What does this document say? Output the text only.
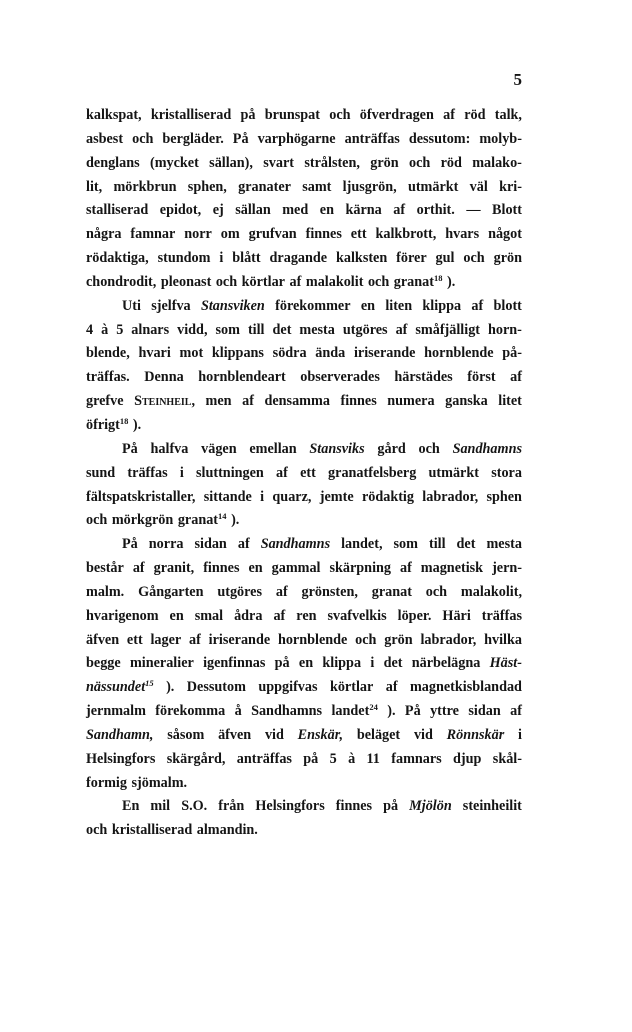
5
kalkspat, kristalliserad på brunspat och öfverdragen af röd talk,
asbest och bergläder. På varphögarne anträffas dessutom: molyb-
denglans (mycket sällan), svart strålsten, grön och röd malako-
lit, mörkbrun sphen, granater samt ljusgrön, utmärkt väl kri-
stalliserad epidot, ej sällan med en kärna af orthit. — Blott
några famnar norr om grufvan finnes ett kalkbrott, hvars något
rödaktiga, stundom i blått dragande kalksten förer gul och grön
chondrodit, pleonast och körtlar af malakolit och granat$^{18}$ ).
Uti sjelfva Stansviken förekommer en liten klippa af blott
4 à 5 alnars vidd, som till det mesta utgöres af småfjälligt horn-
blende, hvari mot klippans södra ända iriserande hornblende på-
träffas. Denna hornblendeart observerades härstädes först af
grefve Steinheil, men af densamma finnes numera ganska litet
öfrigt$^{18}$ ).
På halfva vägen emellan Stansviks gård och Sandhamns
sund träffas i sluttningen af ett granatfelsberg utmärkt stora
fältspatskristaller, sittande i quarz, jemte rödaktig labrador, sphen
och mörkgrön granat$^{14}$ ).
På norra sidan af Sandhamns landet, som till det mesta
består af granit, finnes en gammal skärpning af magnetisk jern-
malm. Gångarten utgöres af grönsten, granat och malakolit,
hvarigenom en smal ådra af ren svafvelkis löper. Häri träffas
äfven ett lager af iriserande hornblende och grön labrador, hvilka
begge mineralier igenfinnas på en klippa i det närbelägna Häst-
nässundet$^{15}$ ). Dessutom uppgifvas körtlar af magnetkisblandad
jernmalm förekomma å Sandhamns landet$^{24}$ ). På yttre sidan af
Sandhamn, såsom äfven vid Enskär, beläget vid Rönnskär i
Helsingfors skärgård, anträffas på 5 à 11 famnars djup skål-
formig sjömalm.
En mil S.O. från Helsingfors finnes på Mjölön steinheilit
och kristalliserad almandin.
